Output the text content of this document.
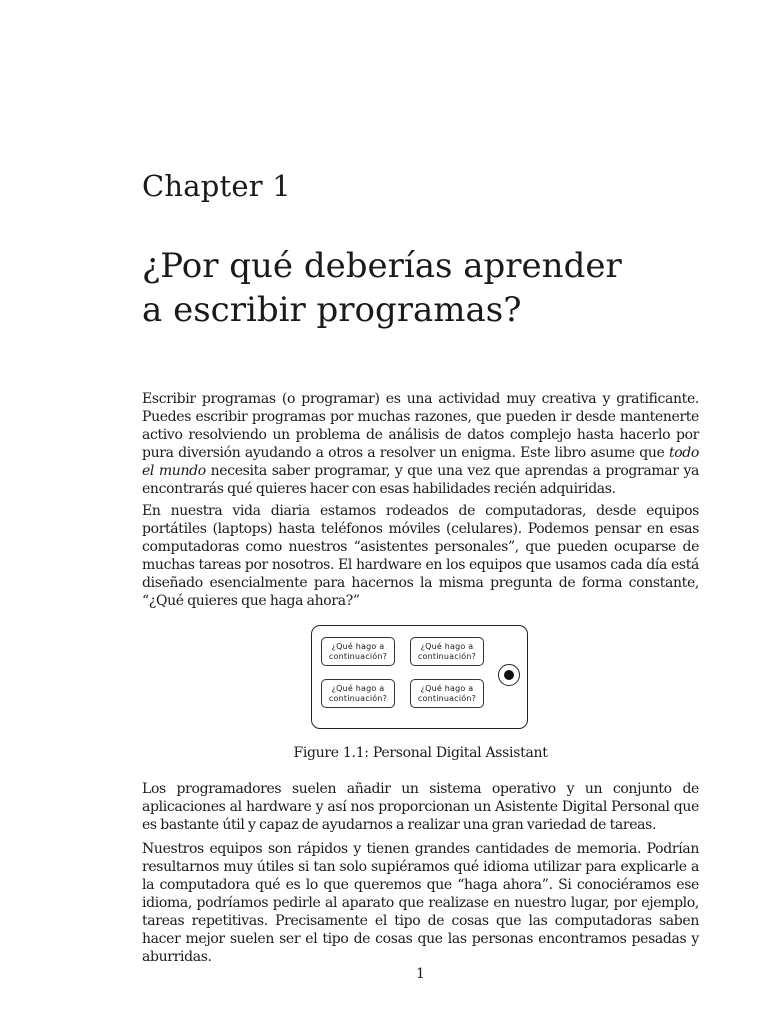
Chapter 1
¿Por qué deberías aprender
a escribir programas?

Escribir programas (o programar) es una actividad muy creativa y gratificante. Puedes escribir programas por muchas razones, que pueden ir desde mantenerte activo resolviendo un problema de análisis de datos complejo hasta hacerlo por pura diversión ayudando a otros a resolver un enigma. Este libro asume que todo el mundo necesita saber programar, y que una vez que aprendas a programar ya encontrarás qué quieres hacer con esas habilidades recién adquiridas.

En nuestra vida diaria estamos rodeados de computadoras, desde equipos portátiles (laptops) hasta teléfonos móviles (celulares). Podemos pensar en esas computadoras como nuestros “asistentes personales”, que pueden ocuparse de muchas tareas por nosotros. El hardware en los equipos que usamos cada día está diseñado esencialmente para hacernos la misma pregunta de forma constante, “¿Qué quieres que haga ahora?”

¿Qué hago a
continuación?
¿Qué hago a
continuación?
¿Qué hago a
continuación?
¿Qué hago a
continuación?
Figure 1.1: Personal Digital Assistant

Los programadores suelen añadir un sistema operativo y un conjunto de aplicaciones al hardware y así nos proporcionan un Asistente Digital Personal que es bastante útil y capaz de ayudarnos a realizar una gran variedad de tareas.

Nuestros equipos son rápidos y tienen grandes cantidades de memoria. Podrían resultarnos muy útiles si tan solo supiéramos qué idioma utilizar para explicarle a la computadora qué es lo que queremos que “haga ahora”. Si conociéramos ese idioma, podríamos pedirle al aparato que realizase en nuestro lugar, por ejemplo, tareas repetitivas. Precisamente el tipo de cosas que las computadoras saben hacer mejor suelen ser el tipo de cosas que las personas encontramos pesadas y aburridas.

1
